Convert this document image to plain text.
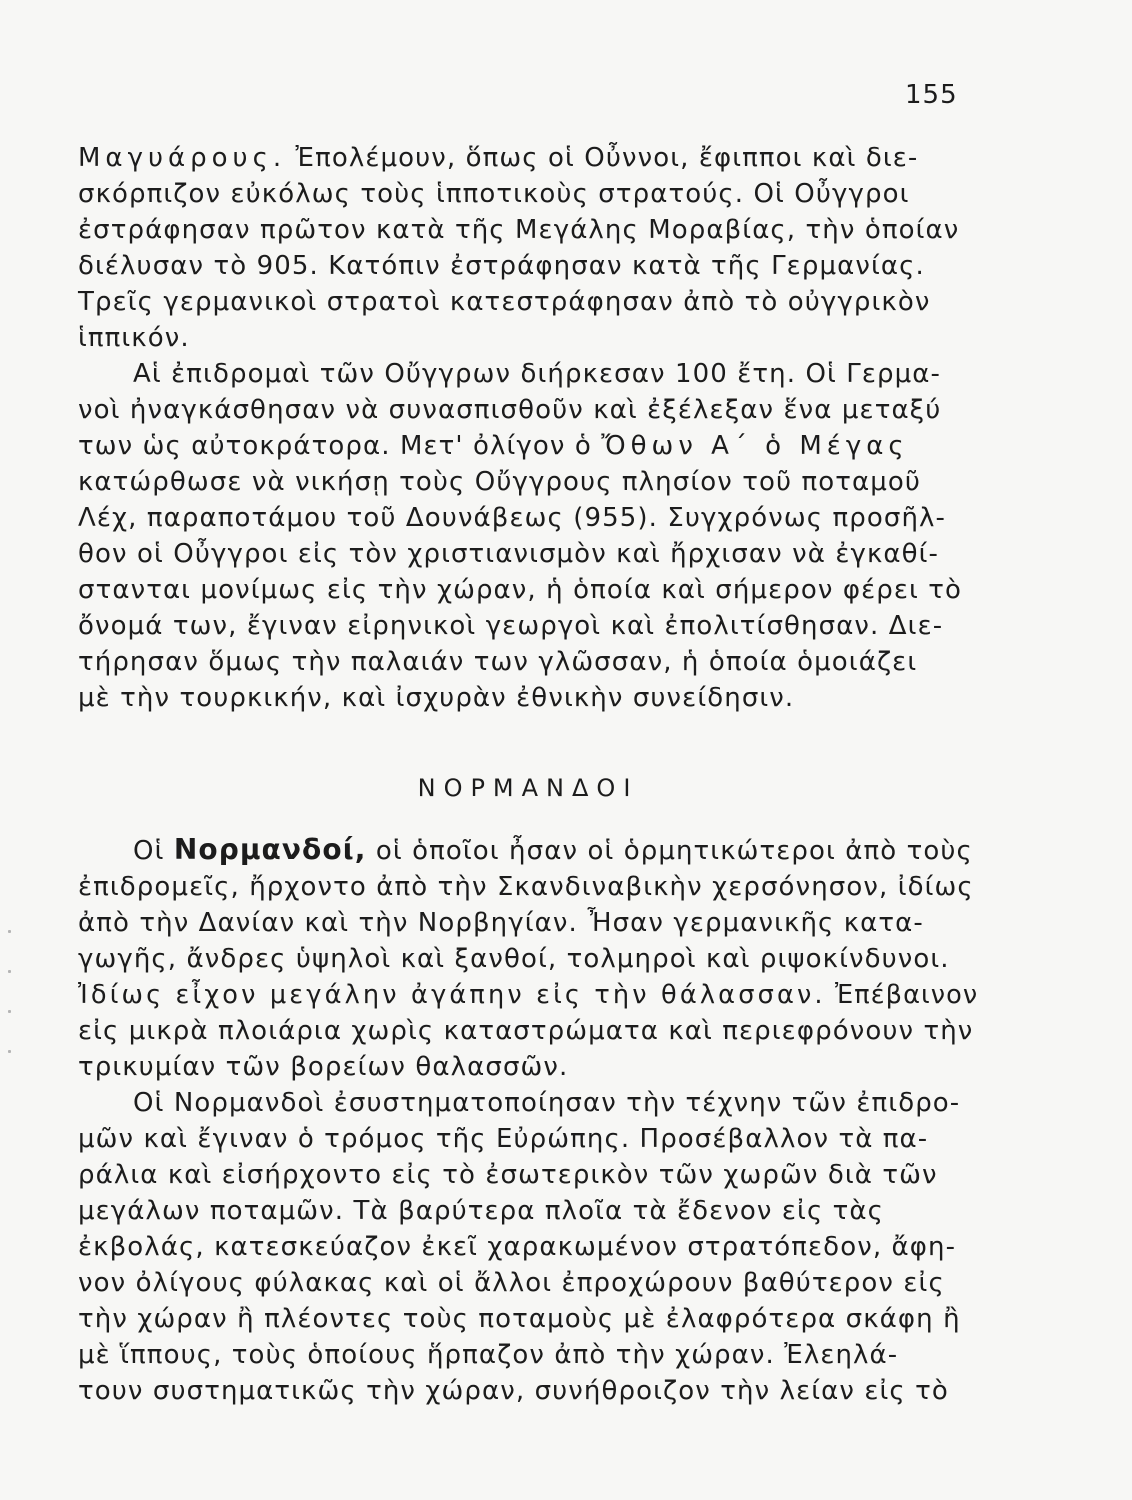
155
Μαγυάρους. Ἐπολέμουν, ὅπως οἱ Οὖννοι, ἔφιπποι καὶ διε-
σκόρπιζον εὐκόλως τοὺς ἱππoτικοὺς στρατούς. Οἱ Οὖγγροι
ἐστράφησαν πρῶτον κατὰ τῆς Μεγάλης Μοραβίας, τὴν ὁποίαν
διέλυσαν τὸ 905. Κατόπιν ἐστράφησαν κατὰ τῆς Γερμανίας.
Τρεῖς γερμανικοὶ στρατοὶ κατεστράφησαν ἀπὸ τὸ οὐγγρικὸν
ἱππικόν.
Αἱ ἐπιδρομαὶ τῶν Οὔγγρων διήρκεσαν 100 ἔτη. Οἱ Γερμα-
νοὶ ἠναγκάσθησαν νὰ συνασπισθοῦν καὶ ἐξέλεξαν ἕνα μεταξύ
των ὡς αὐτοκράτορα. Μετ' ὀλίγον ὁ Ὄθων Α΄ ὁ Μέγας
κατώρθωσε νὰ νικήσῃ τοὺς Οὔγγρους πλησίον τοῦ ποταμοῦ
Λέχ, παραποτάμου τοῦ Δουνάβεως (955). Συγχρόνως προσῆλ-
θον οἱ Οὖγγροι εἰς τὸν χριστιανισμὸν καὶ ἤρχισαν νὰ ἐγκαθί-
στανται μονίμως εἰς τὴν χώραν, ἡ ὁποία καὶ σήμερον φέρει τὸ
ὄνομά των, ἔγιναν εἰρηνικοὶ γεωργοὶ καὶ ἐπολιτίσθησαν. Διε-
τήρησαν ὅμως τὴν παλαιάν των γλῶσσαν, ἡ ὁποία ὁμοιάζει
μὲ τὴν τουρκικήν, καὶ ἰσχυρὰν ἐθνικὴν συνείδησιν.
ΝΟΡΜΑΝΔΟΙ
Οἱ Νορμανδοί, οἱ ὁποῖοι ἦσαν οἱ ὁρμητικώτεροι ἀπὸ τοὺς
ἐπιδρομεῖς, ἤρχοντο ἀπὸ τὴν Σκανδιναβικὴν χερσόνησον, ἰδίως
ἀπὸ τὴν Δανίαν καὶ τὴν Νορβηγίαν. Ἦσαν γερμανικῆς κατα-
γωγῆς, ἄνδρες ὑψηλοὶ καὶ ξανθοί, τολμηροὶ καὶ ριψοκίνδυνοι.
Ἰδίως εἶχον μεγάλην ἀγάπην εἰς τὴν θάλασσαν. Ἐπέβαινον
εἰς μικρὰ πλοιάρια χωρὶς καταστρώματα καὶ περιεφρόνουν τὴν
τρικυμίαν τῶν βορείων θαλασσῶν.
Οἱ Νορμανδοὶ ἐσυστηματοποίησαν τὴν τέχνην τῶν ἐπιδρο-
μῶν καὶ ἔγιναν ὁ τρόμος τῆς Εὐρώπης. Προσέβαλλον τὰ πα-
ράλια καὶ εἰσήρχοντο εἰς τὸ ἐσωτερικὸν τῶν χωρῶν διὰ τῶν
μεγάλων ποταμῶν. Τὰ βαρύτερα πλοῖα τὰ ἔδενον εἰς τὰς
ἐκβολάς, κατεσκεύαζον ἐκεῖ χαρακωμένον στρατόπεδον, ἄφη-
νον ὀλίγους φύλακας καὶ οἱ ἄλλοι ἐπροχώρουν βαθύτερον εἰς
τὴν χώραν ἢ πλέοντες τοὺς ποταμοὺς μὲ ἐλαφρότερα σκάφη ἢ
μὲ ἵππους, τοὺς ὁποίους ἥρπαζον ἀπὸ τὴν χώραν. Ἐλεηλά-
τουν συστηματικῶς τὴν χώραν, συνήθροιζον τὴν λείαν εἰς τὸ
